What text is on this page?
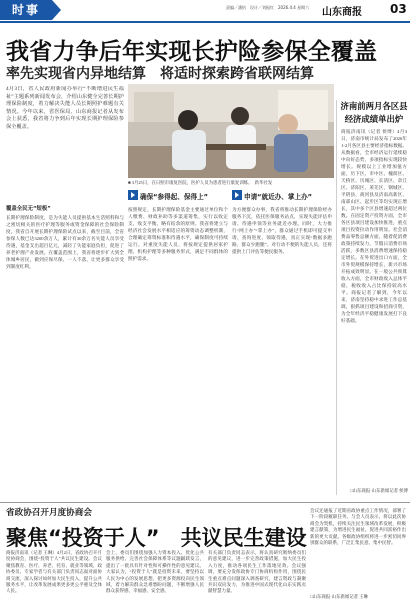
时事	责编／潘怡　设计／刘振红　2026.4.4 星期六 山东商报 03
我省力争后年实现长护险参保全覆盖
率先实现省内异地结算　将适时探索跨省联网结算
4月3日，省人民政府新闻办举行“不断增进民生福祉”主题系列新闻发布会，介绍山东健全完善长期护理保险制度，着力解决失能人员长期照护难题有关情况。今年以来，省医保局、山东商报记者从发布会上获悉，我省将力争到后年实现长期护理保险参保全覆盖。
覆盖全民无“短板”
长期护理保险制度，是为失能人员提供基本生活照料和与之密切相关的医疗护理等服务或资金保障的社会保险制度。我省自开展长期护理保险试点以来，截至目前，全省参保人数已达3200余万人，累计有30余万名失能人员享受待遇，基金支出超百亿元，减轻了失能家庭负担，促进了养老护理产业发展。在覆盖范围上，我省将逐步扩大到全体城乡居民，做到应保尽保、一人不落，让更多群众享受到制度红利。
■ 3月25日，在日照市康复医院，医护人员为患者进行康复训练。　新华社发
确保“参得起、保得上”	申请“就近办、掌上办”
按照规定，长期护理保险基金主要通过单位和个人缴费、财政补助等多渠道筹集，实行以收定支、收支平衡、略有结余的原则。我省将建立与经济社会发展水平相适应的筹资动态调整机制，合理确定筹资标准和待遇水平，确保制度可持续运行。对重度失能人员，将按规定提供居家护理、机构护理等多种服务形式，满足不同群体的照护需求。
为方便群众办事，我省将推动长期护理保险经办服务下沉，依托医保服务站点，实现失能评估申请、待遇申领等业务就近办理。同时，大力推行“网上办”“掌上办”，群众通过手机即可提交申请、查询进度、领取待遇，真正实现“数据多跑路、群众少跑腿”。对行动不便的失能人员，还将提供上门评估等便民服务。
济南前两月各区县
经济成绩单出炉
商报济南讯（记者 侯博）4月3日，济南市统计局发布了2026年1-2月各区县主要经济指标数据。从数据看，全市经济运行延续稳中向好态势，多项指标实现较快增长。规模以上工业增加值方面，历下区、市中区、槐荫区、天桥区、历城区、长清区、章丘区、济阳区、莱芜区、钢城区、平阴县、商河县及济南高新区、南部山区、起步区等均实现正增长，其中多个区县增速超过两位数。在固定资产投资方面，全市各区县项目建设加快推进，重点项目投资拉动作用明显。社会消费品零售总额方面，随着促消费政策持续发力，节假日消费市场活跃，多数区县消费增速保持稳定增长。在外贸进出口方面，全市外贸规模保持增长，新兴市场开拓成效明显。在一般公共预算收入方面，全市财政收入总体平稳，税收收入占比保持较高水平。商报记者了解到，今年以来，济南坚持稳中求进工作总基调，狠抓项目建设和招商引资，为全年经济平稳健康发展打下良好基础。
□山东商报·山东新闻记者 侯博
省政协召开月度协商会
聚焦“投资于人”　共议民生建设
商报济南讯（记者 王琳）4月2日，省政协召开月度协商会，围绕“投资于人”共议民生建设。会议聚焦教育、医疗、养老、托育、就业等领域，政协委员、专家学者与有关部门负责同志面对面协商交流，深入探讨如何加大民生投入，提升公共服务水平，让改革发展成果更多更公平惠及全体人民。
会上，委员们围绕加强人力资本投入、优化公共服务供给、完善社会保障体系等议题踊跃发言，提出了一批具有针对性和可操作性的意见建议。大家认为，“投资于人”就是投资未来，要坚持以人民为中心的发展思想，把更多资源投向民生领域，着力解决群众急难愁盼问题，不断增强人民群众获得感、幸福感、安全感。
有关部门负责同志表示，将认真研究吸纳委员们的意见建议，进一步完善政策措施，加大民生投入力度，推动各项民生工作落地见效。会议强调，要充分发挥政协专门协商机构作用，围绕民生重点难点问题深入调查研究，建言资政与凝聚共识双向发力，为推进中国式现代化山东实践贡献智慧力量。
会议还通报了近期省政协重点工作情况，部署了下一阶段履职任务。与会人员表示，将以此次协商会为契机，持续关注民生领域改革发展，积极建言献策，为增进民生福祉、促进共同富裕作出新的更大贡献。各级政协组织将进一步密切同界别群众的联系，广泛汇集民意、集中民智。
□山东商报·山东新闻记者 王琳
